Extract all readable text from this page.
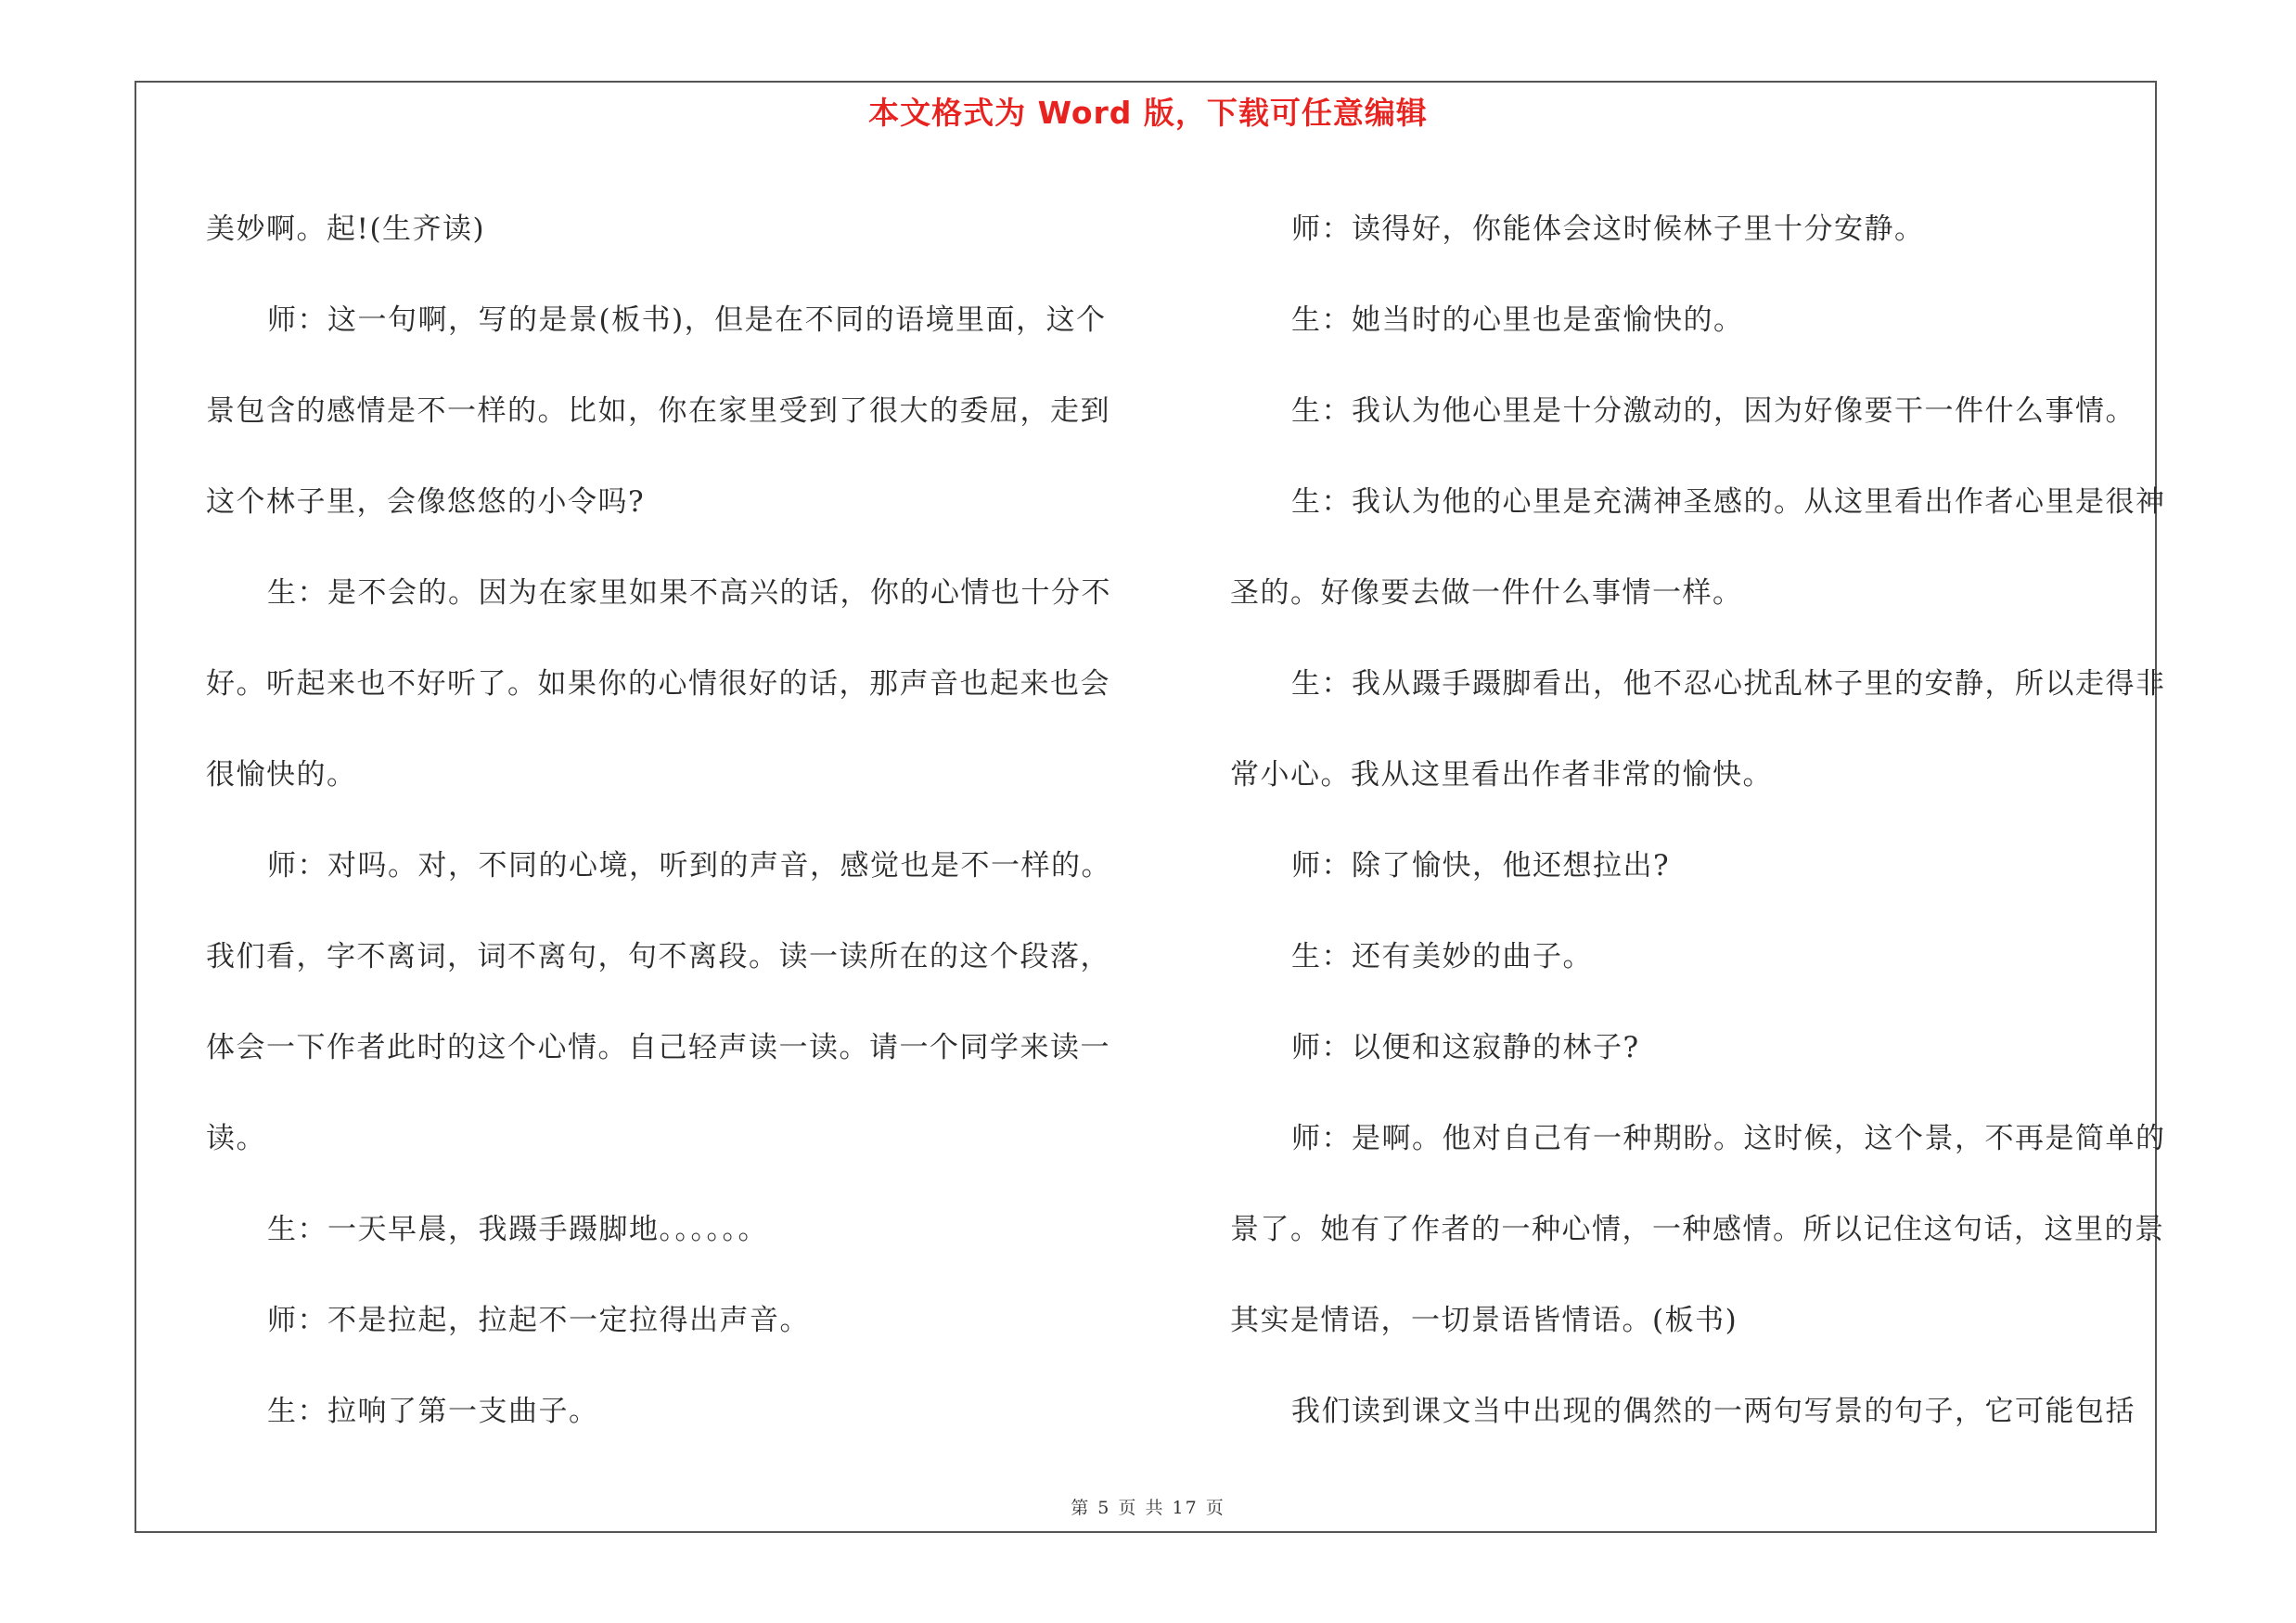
本文格式为 Word 版，下载可任意编辑

美妙啊。起!(生齐读)

师：这一句啊，写的是景(板书)，但是在不同的语境里面，这个景包含的感情是不一样的。比如，你在家里受到了很大的委屈，走到这个林子里，会像悠悠的小令吗?

生：是不会的。因为在家里如果不高兴的话，你的心情也十分不好。听起来也不好听了。如果你的心情很好的话，那声音也起来也会很愉快的。

师：对吗。对，不同的心境，听到的声音，感觉也是不一样的。我们看，字不离词，词不离句，句不离段。读一读所在的这个段落，体会一下作者此时的这个心情。自己轻声读一读。请一个同学来读一读。

生：一天早晨，我蹑手蹑脚地。。。。。。

师：不是拉起，拉起不一定拉得出声音。

生：拉响了第一支曲子。

师：读得好，你能体会这时候林子里十分安静。

生：她当时的心里也是蛮愉快的。

生：我认为他心里是十分激动的，因为好像要干一件什么事情。

生：我认为他的心里是充满神圣感的。从这里看出作者心里是很神圣的。好像要去做一件什么事情一样。

生：我从蹑手蹑脚看出，他不忍心扰乱林子里的安静，所以走得非常小心。我从这里看出作者非常的愉快。

师：除了愉快，他还想拉出?

生：还有美妙的曲子。

师：以便和这寂静的林子?

师：是啊。他对自己有一种期盼。这时候，这个景，不再是简单的景了。她有了作者的一种心情，一种感情。所以记住这句话，这里的景其实是情语，一切景语皆情语。(板书)

我们读到课文当中出现的偶然的一两句写景的句子，它可能包括

第 5 页 共 17 页
